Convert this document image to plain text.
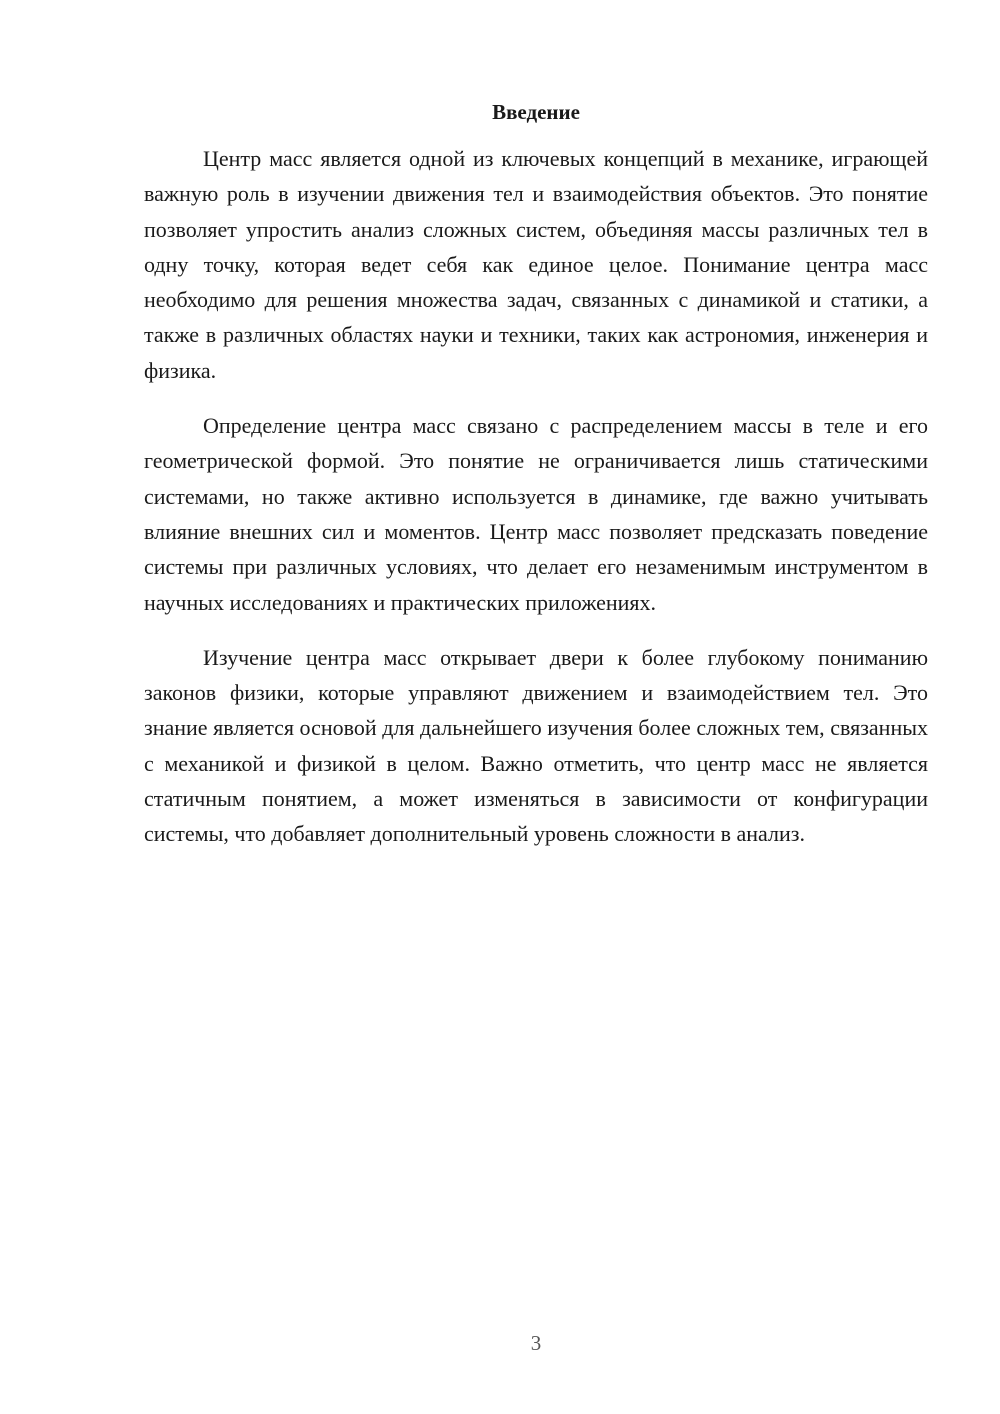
Введение

Центр масс является одной из ключевых концепций в механике, играющей важную роль в изучении движения тел и взаимодействия объектов. Это понятие позволяет упростить анализ сложных систем, объединяя массы различных тел в одну точку, которая ведет себя как единое целое. Понимание центра масс необходимо для решения множества задач, связанных с динамикой и статики, а также в различных областях науки и техники, таких как астрономия, инженерия и физика.

Определение центра масс связано с распределением массы в теле и его геометрической формой. Это понятие не ограничивается лишь статическими системами, но также активно используется в динамике, где важно учитывать влияние внешних сил и моментов. Центр масс позволяет предсказать поведение системы при различных условиях, что делает его незаменимым инструментом в научных исследованиях и практических приложениях.

Изучение центра масс открывает двери к более глубокому пониманию законов физики, которые управляют движением и взаимодействием тел. Это знание является основой для дальнейшего изучения более сложных тем, связанных с механикой и физикой в целом. Важно отметить, что центр масс не является статичным понятием, а может изменяться в зависимости от конфигурации системы, что добавляет дополнительный уровень сложности в анализ.

3
